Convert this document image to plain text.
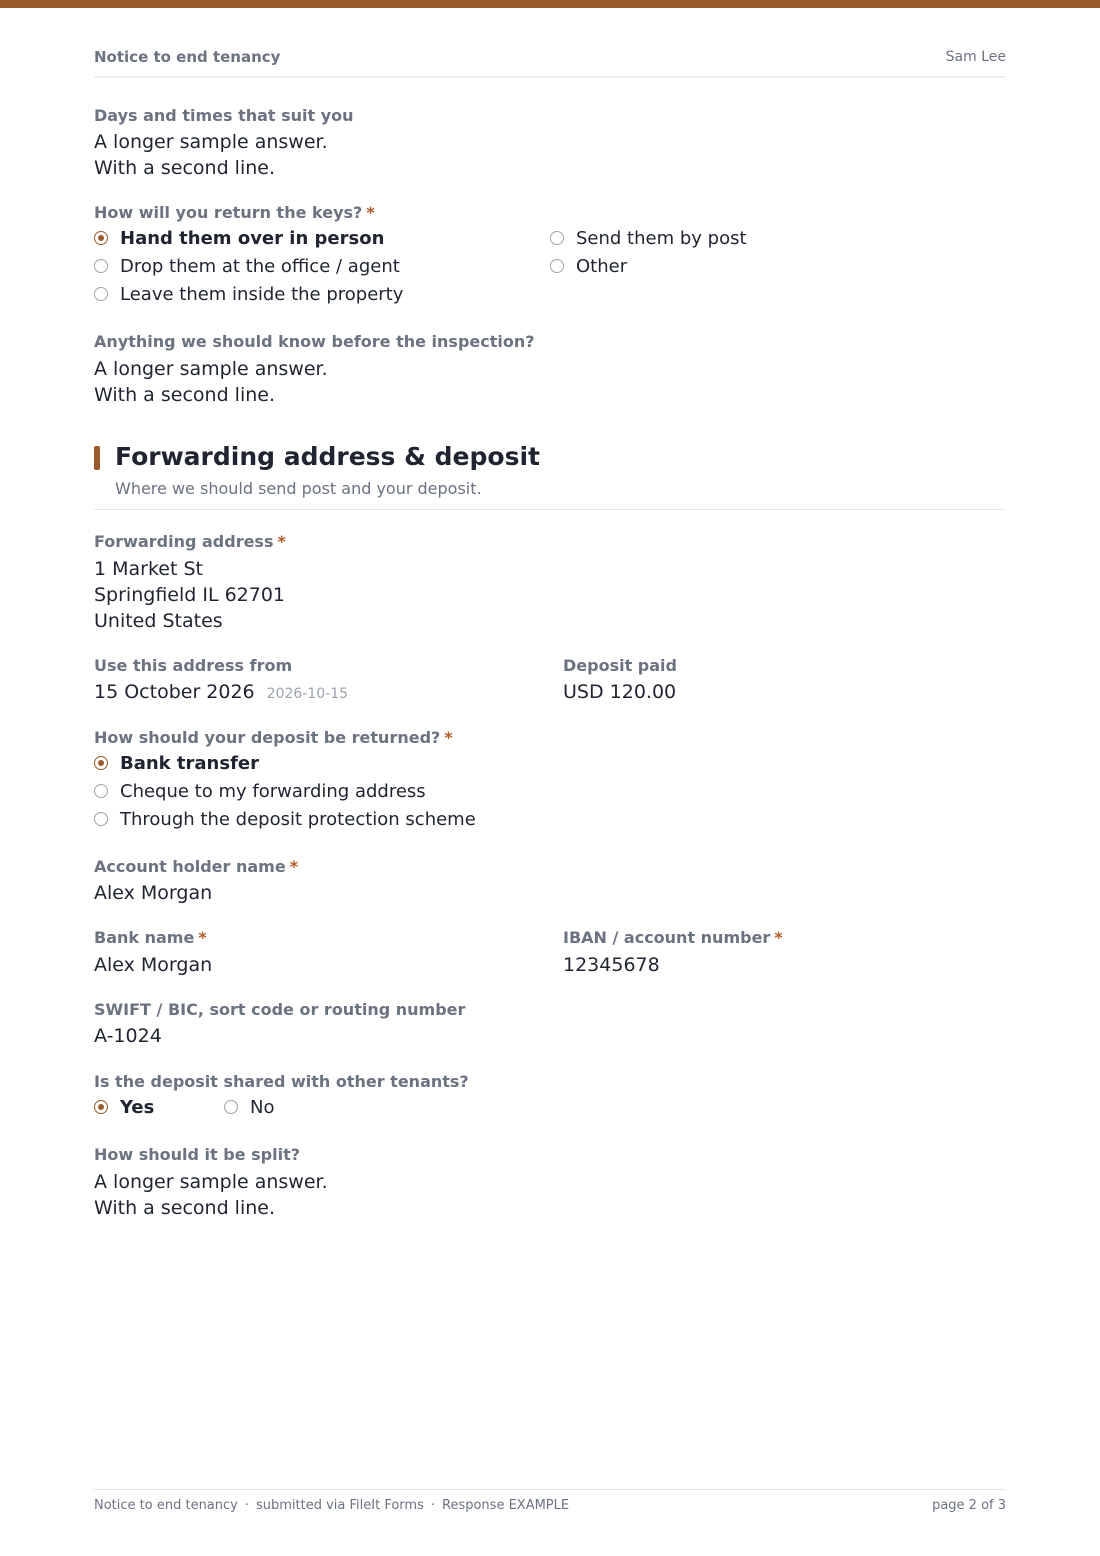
Notice to end tenancy	Sam Lee
Days and times that suit you
A longer sample answer.
With a second line.
How will you return the keys? *
Hand them over in person
Drop them at the office / agent
Leave them inside the property
Send them by post
Other
Anything we should know before the inspection?
A longer sample answer.
With a second line.
Forwarding address & deposit
Where we should send post and your deposit.
Forwarding address *
1 Market St
Springfield IL 62701
United States
Use this address from
15 October 2026 2026-10-15
Deposit paid
USD 120.00
How should your deposit be returned? *
Bank transfer
Cheque to my forwarding address
Through the deposit protection scheme
Account holder name *
Alex Morgan
Bank name *
Alex Morgan
IBAN / account number *
12345678
SWIFT / BIC, sort code or routing number
A-1024
Is the deposit shared with other tenants?
Yes	No
How should it be split?
A longer sample answer.
With a second line.
Notice to end tenancy · submitted via FileIt Forms · Response EXAMPLE	page 2 of 3
